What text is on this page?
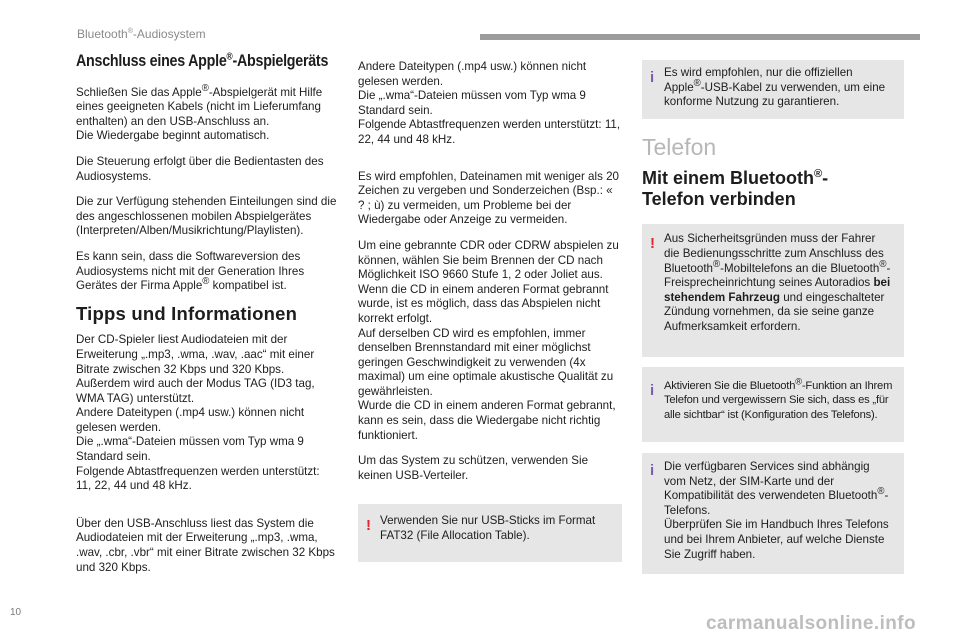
Bluetooth®-Audiosystem
Anschluss eines Apple®-Abspielgeräts

Schließen Sie das Apple®-Abspielgerät mit Hilfe eines geeigneten Kabels (nicht im Lieferumfang enthalten) an den USB-Anschluss an.
Die Wiedergabe beginnt automatisch.

Die Steuerung erfolgt über die Bedientasten des Audiosystems.

Die zur Verfügung stehenden Einteilungen sind die des angeschlossenen mobilen Abspielgerätes (Interpreten/Alben/Musikrichtung/Playlisten).

Es kann sein, dass die Softwareversion des Audiosystems nicht mit der Generation Ihres Gerätes der Firma Apple® kompatibel ist.

Tipps und Informationen

Der CD-Spieler liest Audiodateien mit der Erweiterung „.mp3, .wma, .wav, .aac“ mit einer Bitrate zwischen 32 Kbps und 320 Kbps.
Außerdem wird auch der Modus TAG (ID3 tag, WMA TAG) unterstützt.
Andere Dateitypen (.mp4 usw.) können nicht gelesen werden.
Die „.wma“-Dateien müssen vom Typ wma 9 Standard sein.
Folgende Abtastfrequenzen werden unterstützt: 11, 22, 44 und 48 kHz.

Über den USB-Anschluss liest das System die Audiodateien mit der Erweiterung „.mp3, .wma, .wav, .cbr, .vbr“ mit einer Bitrate zwischen 32 Kbps und 320 Kbps.

Andere Dateitypen (.mp4 usw.) können nicht gelesen werden.
Die „.wma“-Dateien müssen vom Typ wma 9 Standard sein.
Folgende Abtastfrequenzen werden unterstützt: 11, 22, 44 und 48 kHz.

Es wird empfohlen, Dateinamen mit weniger als 20 Zeichen zu vergeben und Sonderzeichen (Bsp.: « ? ; ù) zu vermeiden, um Probleme bei der Wiedergabe oder Anzeige zu vermeiden.

Um eine gebrannte CDR oder CDRW abspielen zu können, wählen Sie beim Brennen der CD nach Möglichkeit ISO 9660 Stufe 1, 2 oder Joliet aus.
Wenn die CD in einem anderen Format gebrannt wurde, ist es möglich, dass das Abspielen nicht korrekt erfolgt.
Auf derselben CD wird es empfohlen, immer denselben Brennstandard mit einer möglichst geringen Geschwindigkeit zu verwenden (4x maximal) um eine optimale akustische Qualität zu gewährleisten.
Wurde die CD in einem anderen Format gebrannt, kann es sein, dass die Wiedergabe nicht richtig funktioniert.

Um das System zu schützen, verwenden Sie keinen USB-Verteiler.

! Verwenden Sie nur USB-Sticks im Format FAT32 (File Allocation Table).

i Es wird empfohlen, nur die offiziellen Apple®-USB-Kabel zu verwenden, um eine konforme Nutzung zu garantieren.

Telefon
Mit einem Bluetooth®-
Telefon verbinden
! Aus Sicherheitsgründen muss der Fahrer die Bedienungsschritte zum Anschluss des Bluetooth®-Mobiltelefons an die Bluetooth®-Freisprecheinrichtung seines Autoradios bei stehendem Fahrzeug und eingeschalteter Zündung vornehmen, da sie seine ganze Aufmerksamkeit erfordern.

i Aktivieren Sie die Bluetooth®-Funktion an Ihrem Telefon und vergewissern Sie sich, dass es „für alle sichtbar“ ist (Konfiguration des Telefons).

i Die verfügbaren Services sind abhängig vom Netz, der SIM-Karte und der Kompatibilität des verwendeten Bluetooth®-Telefons.
Überprüfen Sie im Handbuch Ihres Telefons und bei Ihrem Anbieter, auf welche Dienste Sie Zugriff haben.

10
carmanualsonline.info
